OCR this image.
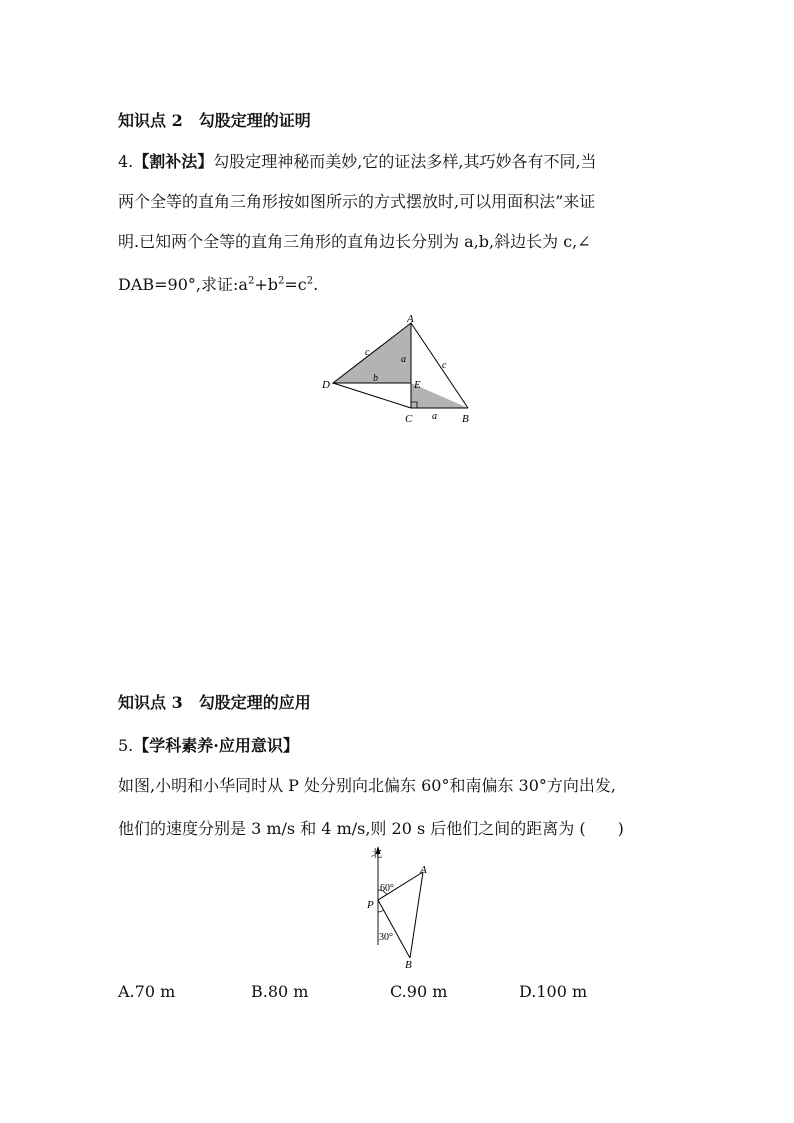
知识点 2　勾股定理的证明
4.【割补法】勾股定理神秘而美妙,它的证法多样,其巧妙各有不同,当
两个全等的直角三角形按如图所示的方式摆放时,可以用面积法”来证
明.已知两个全等的直角三角形的直角边长分别为 a,b,斜边长为 c,∠
DAB=90°,求证$:a^2+b^2=c^2$.
A
D	E
C	B
a
a
b
c
c
知识点 3　勾股定理的应用
5.【学科素养·应用意识】
如图,小明和小华同时从 P 处分别向北偏东 60°和南偏东 30°方向出发,
他们的速度分别是 3 m/s 和 4 m/s,则 20 s 后他们之间的距离为 (　　)
北
P
A
B
60°
30°
A.70 m	B.80 m	C.90 m	D.100 m
